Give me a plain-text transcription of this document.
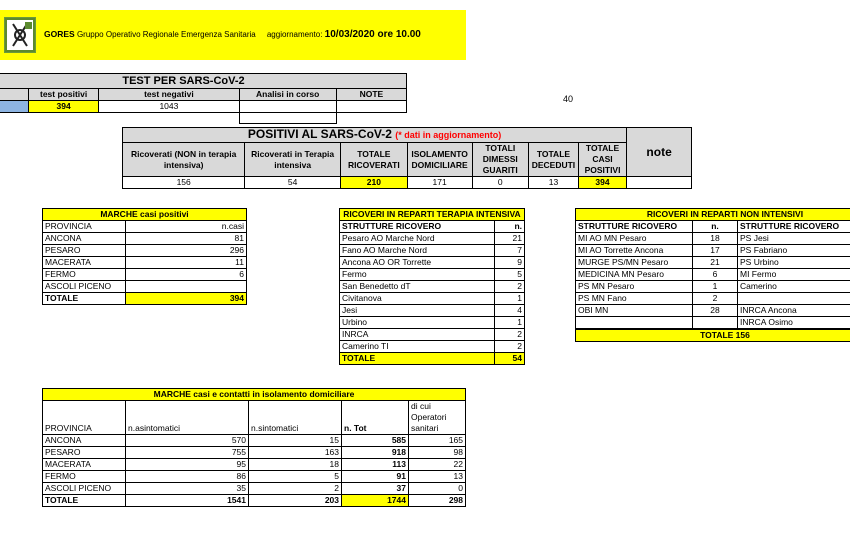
GORES Gruppo Operativo Regionale Emergenza Sanitaria aggiornamento: 10/03/2020 ore 10.00
TEST PER SARS-CoV-2				
	test positivi	test negativi	Analisi in corso	NOTE
	394	1043		

40
POSITIVI AL SARS-CoV-2 (* dati in aggiornamento)							note
Ricoverati (NON in terapia intensiva)	Ricoverati in Terapia intensiva	TOTALE RICOVERATI	ISOLAMENTO DOMICILIARE	TOTALI DIMESSI GUARITI	TOTALE DECEDUTI	TOTALE CASI POSITIVI	
156	54	210	171	0	13	394	
MARCHE casi positivi	
PROVINCIA	n.casi
ANCONA	81
PESARO	296
MACERATA	11
FERMO	6
ASCOLI PICENO	
TOTALE	394
RICOVERI IN REPARTI TERAPIA INTENSIVA	
STRUTTURE RICOVERO	n.
Pesaro AO Marche Nord	21
Fano AO Marche Nord	7
Ancona AO OR Torrette	9
Fermo	5
San Benedetto dT	2
Civitanova	1
Jesi	4
Urbino	1
INRCA	2
Camerino TI	2
TOTALE	54
RICOVERI IN REPARTI NON INTENSIVI		
STRUTTURE RICOVERO	n.	STRUTTURE RICOVERO
MI AO MN Pesaro	18	PS Jesi
MI AO Torrette Ancona	17	PS Fabriano
MURGE PS/MN Pesaro	21	PS Urbino
MEDICINA MN Pesaro	6	MI Fermo
PS MN Pesaro	1	Camerino
PS MN Fano	2	
OBI MN	28	INRCA Ancona
		INRCA Osimo

TOTALE 156		
MARCHE casi e contatti in isolamento domiciliare				
PROVINCIA	n.asintomatici	n.sintomatici	n. Tot	di cui Operatori sanitari
ANCONA	570	15	585	165
PESARO	755	163	918	98
MACERATA	95	18	113	22
FERMO	86	5	91	13
ASCOLI PICENO	35	2	37	0
TOTALE	1541	203	1744	298
